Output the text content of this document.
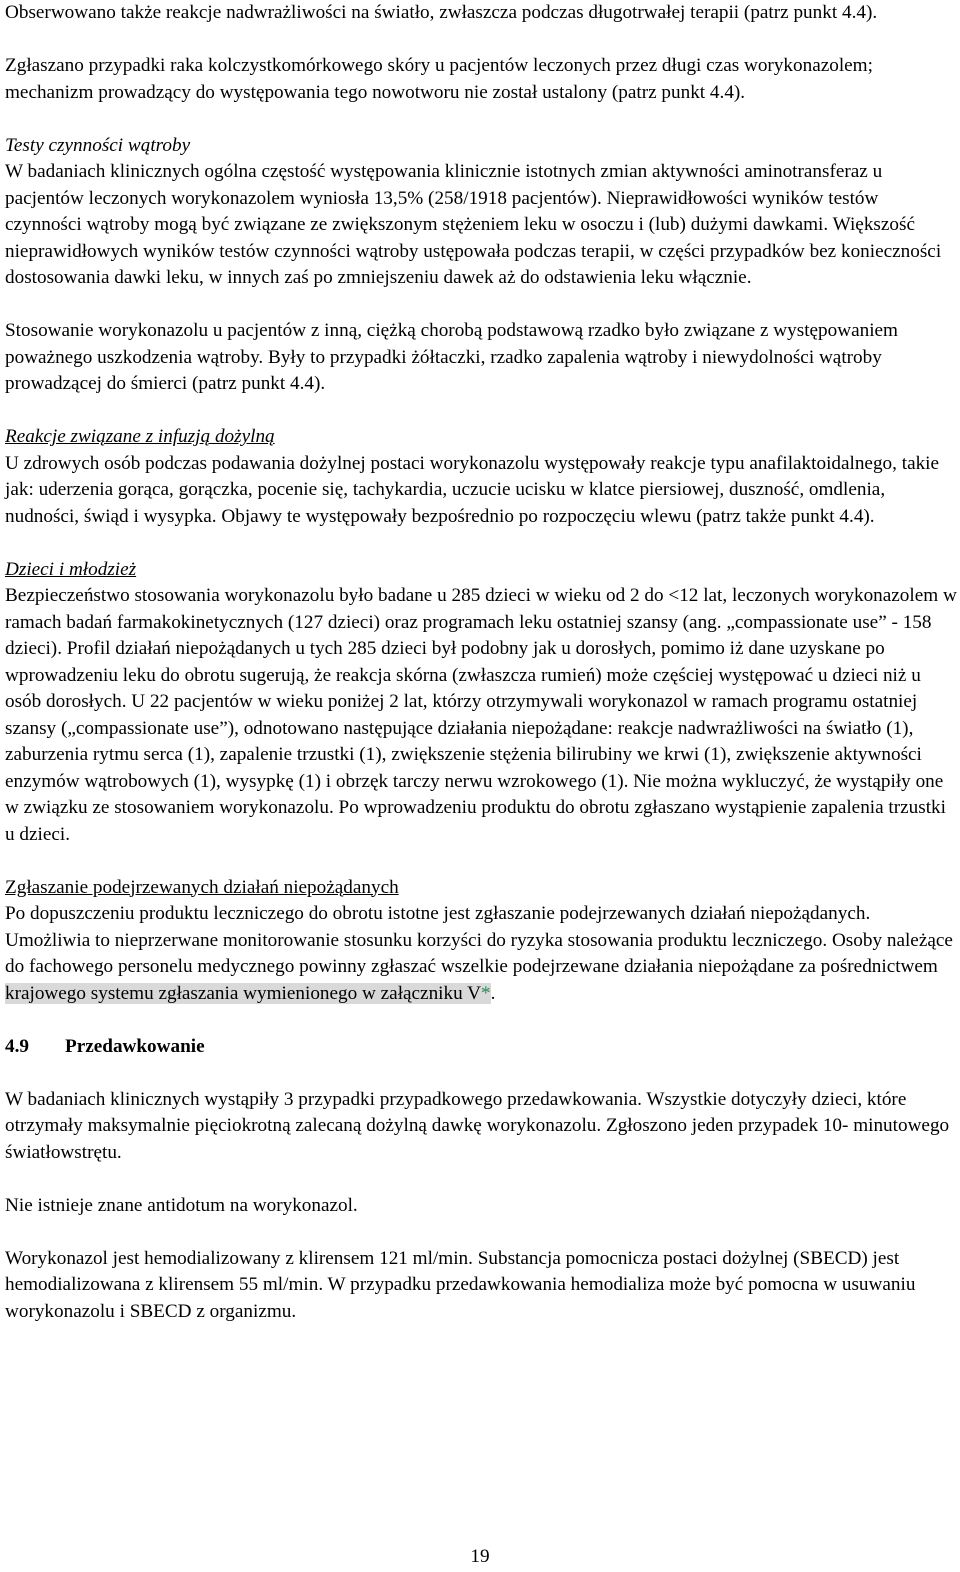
Obserwowano także reakcje nadwrażliwości na światło, zwłaszcza podczas długotrwałej terapii (patrz punkt 4.4).

Zgłaszano przypadki raka kolczystkomórkowego skóry u pacjentów leczonych przez długi czas worykonazolem; mechanizm prowadzący do występowania tego nowotworu nie został ustalony (patrz punkt 4.4).

Testy czynności wątroby

W badaniach klinicznych ogólna częstość występowania klinicznie istotnych zmian aktywności aminotransferaz u pacjentów leczonych worykonazolem wyniosła 13,5% (258/1918 pacjentów). Nieprawidłowości wyników testów czynności wątroby mogą być związane ze zwiększonym stężeniem leku w osoczu i (lub) dużymi dawkami. Większość nieprawidłowych wyników testów czynności wątroby ustępowała podczas terapii, w części przypadków bez konieczności dostosowania dawki leku, w innych zaś po zmniejszeniu dawek aż do odstawienia leku włącznie.

Stosowanie worykonazolu u pacjentów z inną, ciężką chorobą podstawową rzadko było związane z występowaniem poważnego uszkodzenia wątroby. Były to przypadki żółtaczki, rzadko zapalenia wątroby i niewydolności wątroby prowadzącej do śmierci (patrz punkt 4.4).

Reakcje związane z infuzją dożylną

U zdrowych osób podczas podawania dożylnej postaci worykonazolu występowały reakcje typu anafilaktoidalnego, takie jak: uderzenia gorąca, gorączka, pocenie się, tachykardia, uczucie ucisku w klatce piersiowej, duszność, omdlenia, nudności, świąd i wysypka. Objawy te występowały bezpośrednio po rozpoczęciu wlewu (patrz także punkt 4.4).

Dzieci i młodzież

Bezpieczeństwo stosowania worykonazolu było badane u 285 dzieci w wieku od 2 do <12 lat, leczonych worykonazolem w ramach badań farmakokinetycznych (127 dzieci) oraz programach leku ostatniej szansy (ang. „compassionate use” - 158 dzieci). Profil działań niepożądanych u tych 285 dzieci był podobny jak u dorosłych, pomimo iż dane uzyskane po wprowadzeniu leku do obrotu sugerują, że reakcja skórna (zwłaszcza rumień) może częściej występować u dzieci niż u osób dorosłych. U 22 pacjentów w wieku poniżej 2 lat, którzy otrzymywali worykonazol w ramach programu ostatniej szansy („compassionate use”), odnotowano następujące działania niepożądane: reakcje nadwrażliwości na światło (1), zaburzenia rytmu serca (1), zapalenie trzustki (1), zwiększenie stężenia bilirubiny we krwi (1), zwiększenie aktywności enzymów wątrobowych (1), wysypkę (1) i obrzęk tarczy nerwu wzrokowego (1). Nie można wykluczyć, że wystąpiły one w związku ze stosowaniem worykonazolu. Po wprowadzeniu produktu do obrotu zgłaszano wystąpienie zapalenia trzustki u dzieci.

Zgłaszanie podejrzewanych działań niepożądanych

Po dopuszczeniu produktu leczniczego do obrotu istotne jest zgłaszanie podejrzewanych działań niepożądanych. Umożliwia to nieprzerwane monitorowanie stosunku korzyści do ryzyka stosowania produktu leczniczego. Osoby należące do fachowego personelu medycznego powinny zgłaszać wszelkie podejrzewane działania niepożądane za pośrednictwem krajowego systemu zgłaszania wymienionego w załączniku V*.

4.9	Przedawkowanie

W badaniach klinicznych wystąpiły 3 przypadki przypadkowego przedawkowania. Wszystkie dotyczyły dzieci, które otrzymały maksymalnie pięciokrotną zalecaną dożylną dawkę worykonazolu. Zgłoszono jeden przypadek 10- minutowego światłowstrętu.

Nie istnieje znane antidotum na worykonazol.

Worykonazol jest hemodializowany z klirensem 121 ml/min. Substancja pomocnicza postaci dożylnej (SBECD) jest hemodializowana z klirensem 55 ml/min. W przypadku przedawkowania hemodializa może być pomocna w usuwaniu worykonazolu i SBECD z organizmu.

19
